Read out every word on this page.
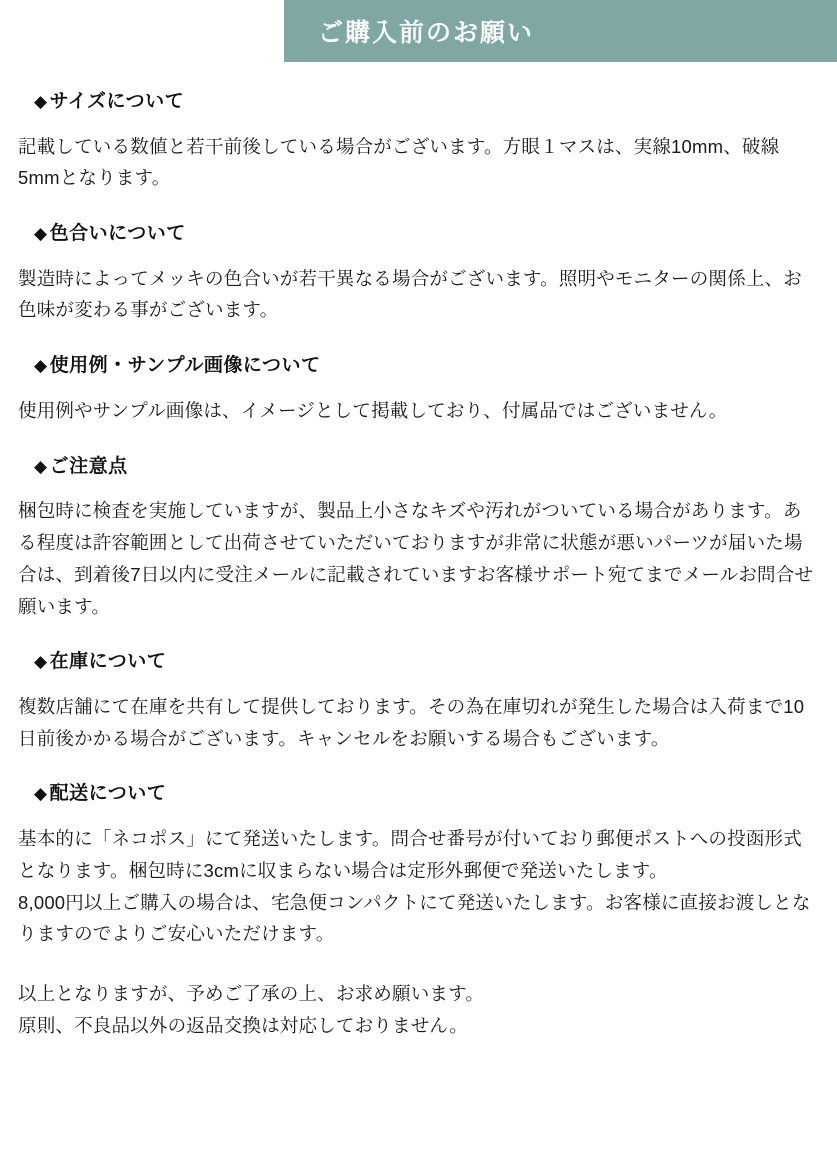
ご購入前のお願い
◆ サイズについて
記載している数値と若干前後している場合がございます。方眼１マスは、実線10mm、破線5mmとなります。
◆ 色合いについて
製造時によってメッキの色合いが若干異なる場合がございます。照明やモニターの関係上、お色味が変わる事がございます。
◆ 使用例・サンプル画像について
使用例やサンプル画像は、イメージとして掲載しており、付属品ではございません。
◆ ご注意点
梱包時に検査を実施していますが、製品上小さなキズや汚れがついている場合があります。ある程度は許容範囲として出荷させていただいておりますが非常に状態が悪いパーツが届いた場合は、到着後7日以内に受注メールに記載されていますお客様サポート宛てまでメールお問合せ願います。
◆ 在庫について
複数店舗にて在庫を共有して提供しております。その為在庫切れが発生した場合は入荷まで10日前後かかる場合がございます。キャンセルをお願いする場合もございます。
◆ 配送について
基本的に「ネコポス」にて発送いたします。問合せ番号が付いており郵便ポストへの投函形式となります。梱包時に3cmに収まらない場合は定形外郵便で発送いたします。
8,000円以上ご購入の場合は、宅急便コンパクトにて発送いたします。お客様に直接お渡しとなりますのでよりご安心いただけます。
以上となりますが、予めご了承の上、お求め願います。
原則、不良品以外の返品交換は対応しておりません。
